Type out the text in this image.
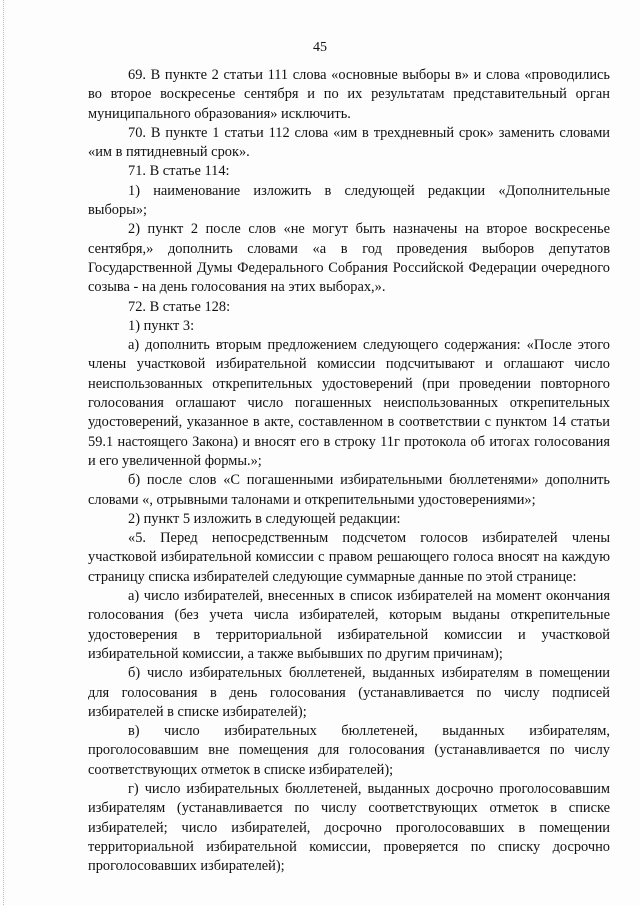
45

69. В пункте 2 статьи 111 слова «основные выборы в» и слова «проводились во второе воскресенье сентября и по их результатам представительный орган муниципального образования» исключить.

70. В пункте 1 статьи 112 слова «им в трехдневный срок» заменить словами «им в пятидневный срок».

71. В статье 114:

1) наименование изложить в следующей редакции «Дополнительные выборы»;

2) пункт 2 после слов «не могут быть назначены на второе воскресенье сентября,» дополнить словами «а в год проведения выборов депутатов Государственной Думы Федерального Собрания Российской Федерации очередного созыва - на день голосования на этих выборах,».

72. В статье 128:

1) пункт 3:

а) дополнить вторым предложением следующего содержания: «После этого члены участковой избирательной комиссии подсчитывают и оглашают число неиспользованных открепительных удостоверений (при проведении повторного голосования оглашают число погашенных неиспользованных открепительных удостоверений, указанное в акте, составленном в соответствии с пунктом 14 статьи 59.1 настоящего Закона) и вносят его в строку 11г протокола об итогах голосования и его увеличенной формы.»;

б) после слов «С погашенными избирательными бюллетенями» дополнить словами «, отрывными талонами и открепительными удостоверениями»;

2) пункт 5 изложить в следующей редакции:

«5. Перед непосредственным подсчетом голосов избирателей члены участковой избирательной комиссии с правом решающего голоса вносят на каждую страницу списка избирателей следующие суммарные данные по этой странице:

а) число избирателей, внесенных в список избирателей на момент окончания голосования (без учета числа избирателей, которым выданы открепительные удостоверения в территориальной избирательной комиссии и участковой избирательной комиссии, а также выбывших по другим причинам);

б) число избирательных бюллетеней, выданных избирателям в помещении для голосования в день голосования (устанавливается по числу подписей избирателей в списке избирателей);

в) число избирательных бюллетеней, выданных избирателям, проголосовавшим вне помещения для голосования (устанавливается по числу соответствующих отметок в списке избирателей);

г) число избирательных бюллетеней, выданных досрочно проголосовавшим избирателям (устанавливается по числу соответствующих отметок в списке избирателей; число избирателей, досрочно проголосовавших в помещении территориальной избирательной комиссии, проверяется по списку досрочно проголосовавших избирателей);
